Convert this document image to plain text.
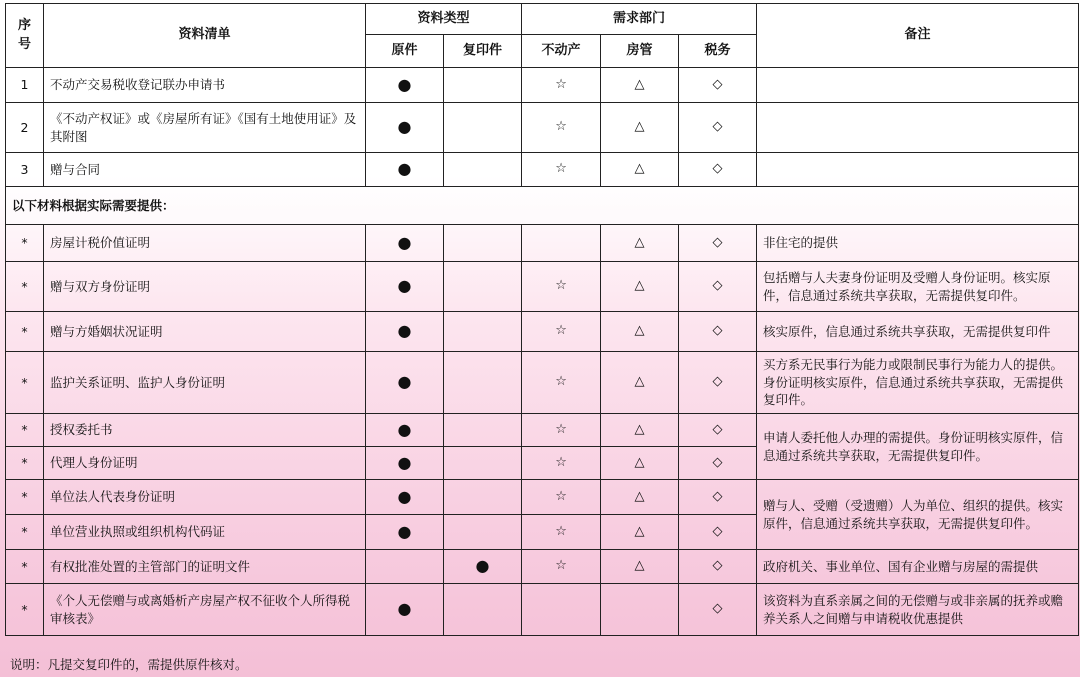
序号	资料清单	资料类型		需求部门			备注
		原件	复印件	不动产	房管	税务	
1	不动产交易税收登记联办申请书	●		☆	△	◇	
2	《不动产权证》或《房屋所有证》《国有土地使用证》及其附图	●		☆	△	◇	
3	赠与合同	●		☆	△	◇	
以下材料根据实际需要提供：							
*	房屋计税价值证明	●			△	◇	非住宅的提供
*	赠与双方身份证明	●		☆	△	◇	包括赠与人夫妻身份证明及受赠人身份证明。核实原件，信息通过系统共享获取，无需提供复印件。
*	赠与方婚姻状况证明	●		☆	△	◇	核实原件，信息通过系统共享获取，无需提供复印件
*	监护关系证明、监护人身份证明	●		☆	△	◇	买方系无民事行为能力或限制民事行为能力人的提供。身份证明核实原件，信息通过系统共享获取，无需提供复印件。
*	授权委托书	●		☆	△	◇	申请人委托他人办理的需提供。身份证明核实原件，信息通过系统共享获取，无需提供复印件。
*	代理人身份证明	●		☆	△	◇	
*	单位法人代表身份证明	●		☆	△	◇	赠与人、受赠（受遗赠）人为单位、组织的提供。核实原件，信息通过系统共享获取，无需提供复印件。
*	单位营业执照或组织机构代码证	●		☆	△	◇	
*	有权批准处置的主管部门的证明文件		●	☆	△	◇	政府机关、事业单位、国有企业赠与房屋的需提供
*	《个人无偿赠与或离婚析产房屋产权不征收个人所得税审核表》	●				◇	该资料为直系亲属之间的无偿赠与或非亲属的抚养或赡养关系人之间赠与申请税收优惠提供
说明：凡提交复印件的，需提供原件核对。
